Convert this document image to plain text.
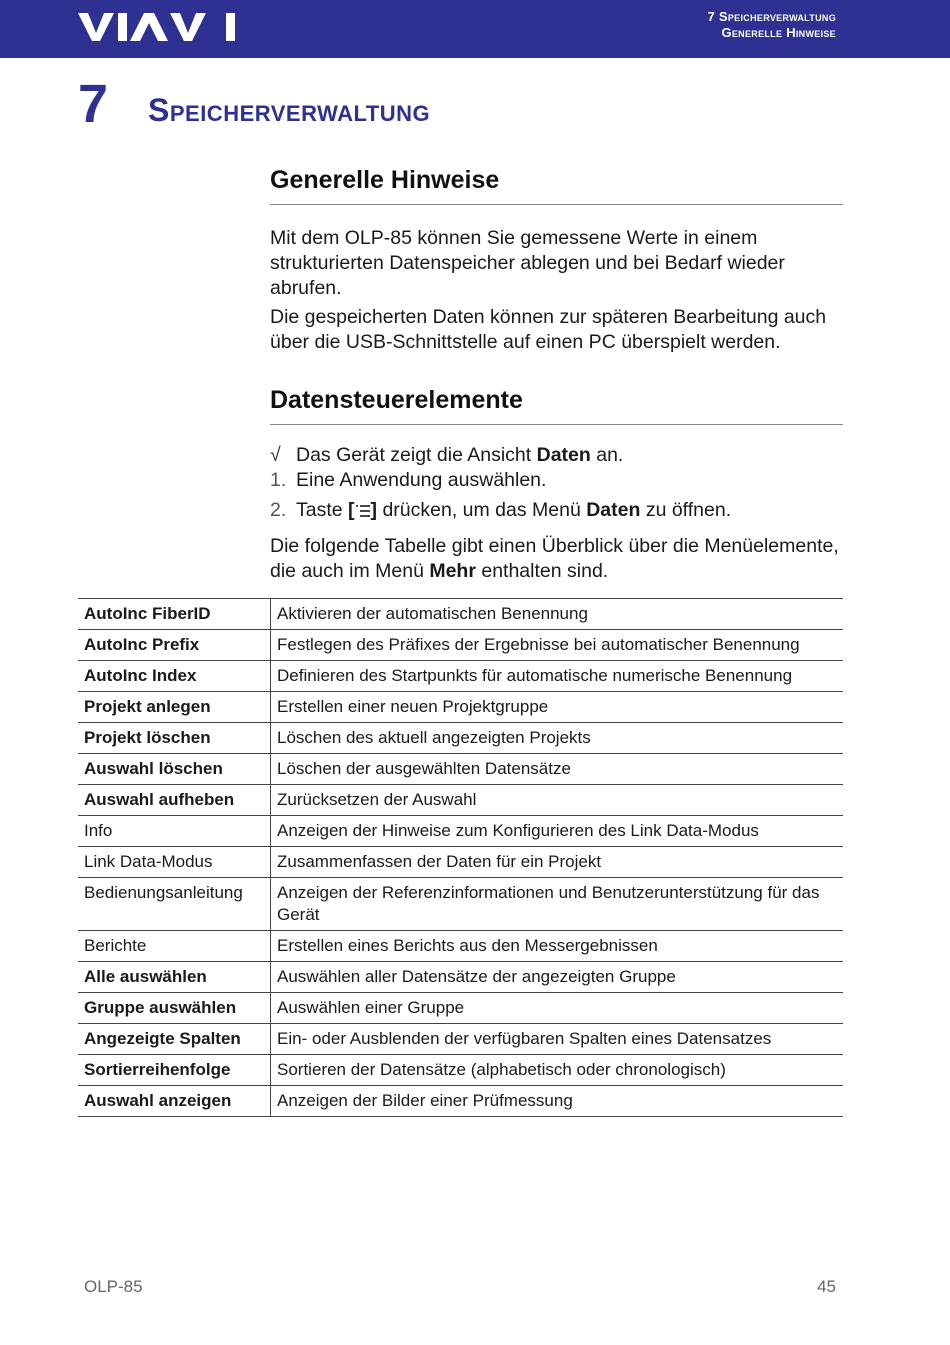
7 Speicherverwaltung
Generelle Hinweise
7 Speicherverwaltung
Generelle Hinweise

Mit dem OLP-85 können Sie gemessene Werte in einem strukturierten Datenspeicher ablegen und bei Bedarf wieder abrufen.

Die gespeicherten Daten können zur späteren Bearbeitung auch über die USB-Schnittstelle auf einen PC überspielt werden.

Datensteuerelemente
√ Das Gerät zeigt die Ansicht Daten an.
1. Eine Anwendung auswählen.
2. Taste [ ] drücken, um das Menü Daten zu öffnen.

Die folgende Tabelle gibt einen Überblick über die Menüelemente, die auch im Menü Mehr enthalten sind.

AutoInc FiberID	Aktivieren der automatischen Benennung
AutoInc Prefix	Festlegen des Präfixes der Ergebnisse bei automatischer Benennung
AutoInc Index	Definieren des Startpunkts für automatische numerische Benennung
Projekt anlegen	Erstellen einer neuen Projektgruppe
Projekt löschen	Löschen des aktuell angezeigten Projekts
Auswahl löschen	Löschen der ausgewählten Datensätze
Auswahl aufheben	Zurücksetzen der Auswahl
Info	Anzeigen der Hinweise zum Konfigurieren des Link Data-Modus
Link Data-Modus	Zusammenfassen der Daten für ein Projekt
Bedienungsanleitung	Anzeigen der Referenzinformationen und Benutzerunterstützung für das Gerät
Berichte	Erstellen eines Berichts aus den Messergebnissen
Alle auswählen	Auswählen aller Datensätze der angezeigten Gruppe
Gruppe auswählen	Auswählen einer Gruppe
Angezeigte Spalten	Ein- oder Ausblenden der verfügbaren Spalten eines Datensatzes
Sortierreihenfolge	Sortieren der Datensätze (alphabetisch oder chronologisch)
Auswahl anzeigen	Anzeigen der Bilder einer Prüfmessung
OLP-85	45
